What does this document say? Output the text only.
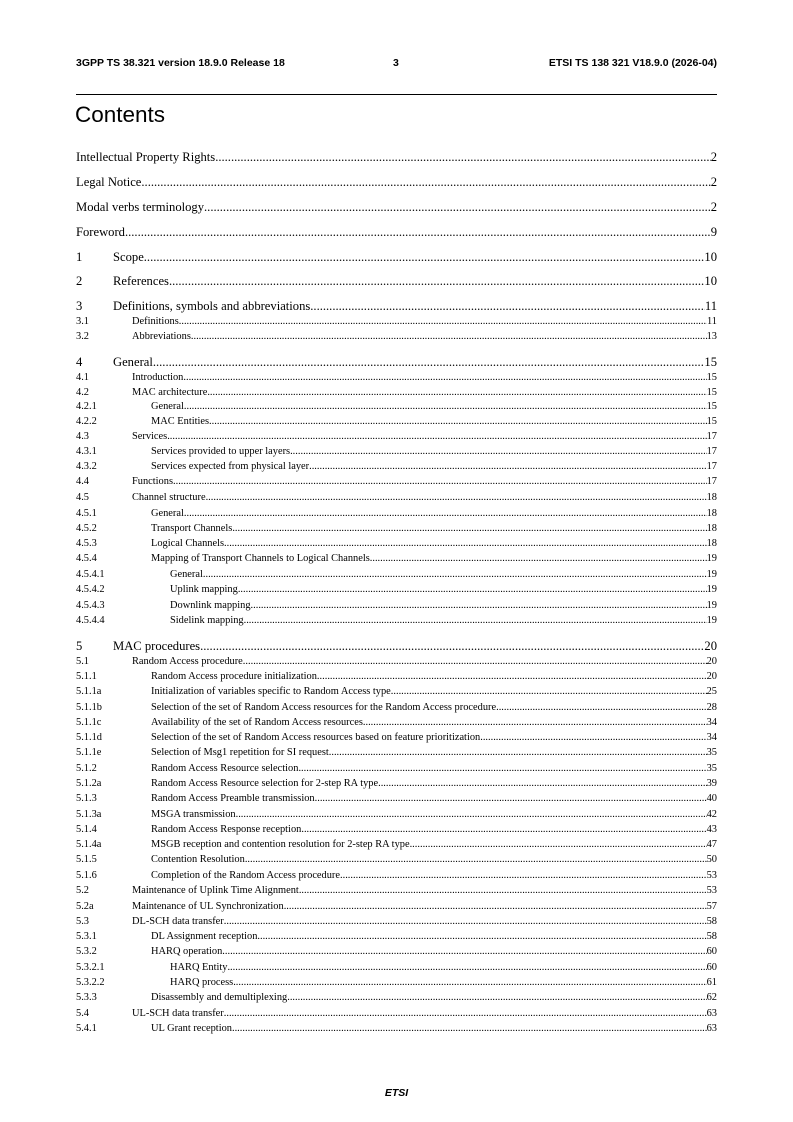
3GPP TS 38.321 version 18.9.0 Release 18	3	ETSI TS 138 321 V18.9.0 (2026-04)
Contents
Intellectual Property Rights .....	2
Legal Notice .....	2
Modal verbs terminology .....	2
Foreword .....	9
1	Scope .....	10
2	References .....	10
3	Definitions, symbols and abbreviations .....	11
3.1	Definitions .....	11
3.2	Abbreviations .....	13
4	General .....	15
4.1	Introduction .....	15
4.2	MAC architecture .....	15
4.2.1	General .....	15
4.2.2	MAC Entities .....	15
4.3	Services .....	17
4.3.1	Services provided to upper layers .....	17
4.3.2	Services expected from physical layer .....	17
4.4	Functions .....	17
4.5	Channel structure .....	18
4.5.1	General .....	18
4.5.2	Transport Channels .....	18
4.5.3	Logical Channels .....	18
4.5.4	Mapping of Transport Channels to Logical Channels .....	19
4.5.4.1	General .....	19
4.5.4.2	Uplink mapping .....	19
4.5.4.3	Downlink mapping .....	19
4.5.4.4	Sidelink mapping .....	19
5	MAC procedures .....	20
5.1	Random Access procedure .....	20
5.1.1	Random Access procedure initialization .....	20
5.1.1a	Initialization of variables specific to Random Access type .....	25
5.1.1b	Selection of the set of Random Access resources for the Random Access procedure .....	28
5.1.1c	Availability of the set of Random Access resources .....	34
5.1.1d	Selection of the set of Random Access resources based on feature prioritization .....	34
5.1.1e	Selection of Msg1 repetition for SI request .....	35
5.1.2	Random Access Resource selection .....	35
5.1.2a	Random Access Resource selection for 2-step RA type .....	39
5.1.3	Random Access Preamble transmission .....	40
5.1.3a	MSGA transmission .....	42
5.1.4	Random Access Response reception .....	43
5.1.4a	MSGB reception and contention resolution for 2-step RA type .....	47
5.1.5	Contention Resolution .....	50
5.1.6	Completion of the Random Access procedure .....	53
5.2	Maintenance of Uplink Time Alignment .....	53
5.2a	Maintenance of UL Synchronization .....	57
5.3	DL-SCH data transfer .....	58
5.3.1	DL Assignment reception .....	58
5.3.2	HARQ operation .....	60
5.3.2.1	HARQ Entity .....	60
5.3.2.2	HARQ process .....	61
5.3.3	Disassembly and demultiplexing .....	62
5.4	UL-SCH data transfer .....	63
5.4.1	UL Grant reception .....	63
ETSI
